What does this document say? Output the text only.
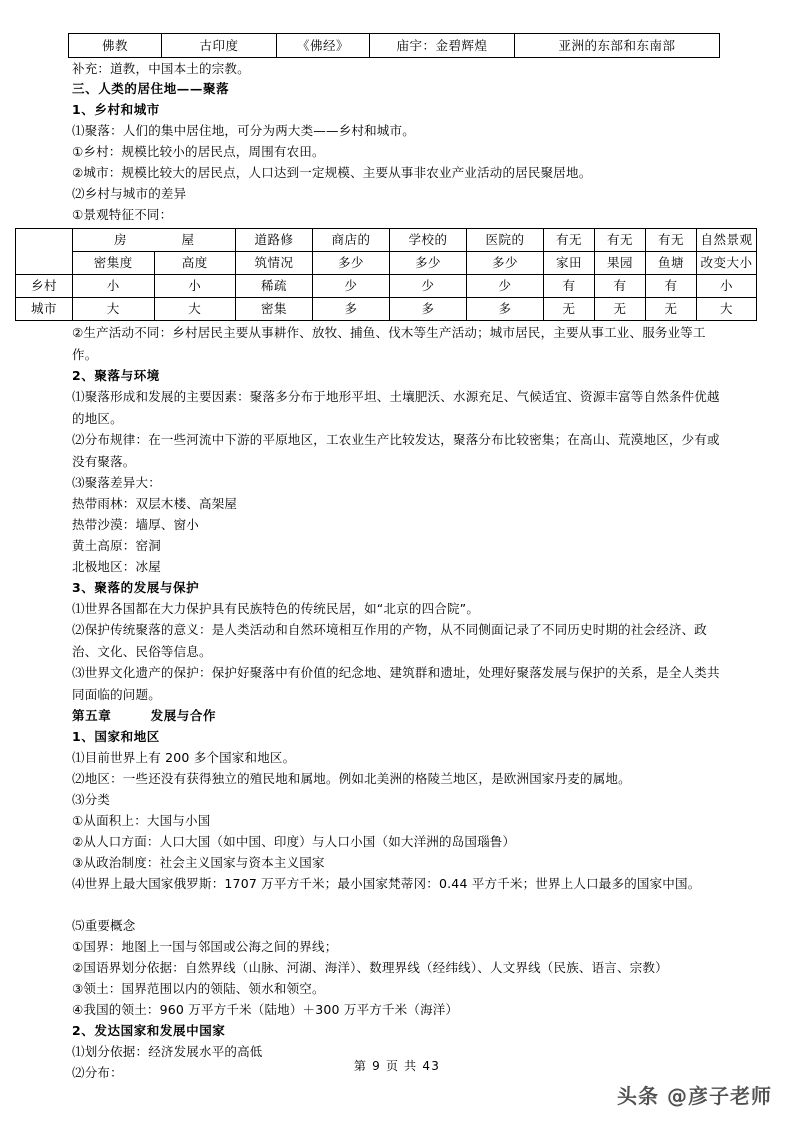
佛教	古印度	《佛经》	庙宇：金碧辉煌	亚洲的东部和东南部

补充：道教，中国本土的宗教。

三、人类的居住地——聚落

1、乡村和城市

⑴聚落：人们的集中居住地，可分为两大类——乡村和城市。

①乡村：规模比较小的居民点，周围有农田。

②城市：规模比较大的居民点，人口达到一定规模、主要从事非农业产业活动的居民聚居地。

⑵乡村与城市的差异

①景观特征不同：

	房　　屋		道路修	商店的	学校的	医院的	有无	有无	有无	自然景观
	密集度	高度	筑情况	多少	多少	多少	家田	果园	鱼塘	改变大小
乡村	小	小	稀疏	少	少	少	有	有	有	小
城市	大	大	密集	多	多	多	无	无	无	大

②生产活动不同：乡村居民主要从事耕作、放牧、捕鱼、伐木等生产活动；城市居民，主要从事工业、服务业等工作。

2、聚落与环境

⑴聚落形成和发展的主要因素：聚落多分布于地形平坦、土壤肥沃、水源充足、气候适宜、资源丰富等自然条件优越的地区。

⑵分布规律：在一些河流中下游的平原地区，工农业生产比较发达，聚落分布比较密集；在高山、荒漠地区，少有或没有聚落。

⑶聚落差异大：

热带雨林：双层木楼、高架屋

热带沙漠：墙厚、窗小

黄土高原：窑洞

北极地区：冰屋

3、聚落的发展与保护

⑴世界各国都在大力保护具有民族特色的传统民居，如“北京的四合院”。

⑵保护传统聚落的意义：是人类活动和自然环境相互作用的产物，从不同侧面记录了不同历史时期的社会经济、政治、文化、民俗等信息。

⑶世界文化遗产的保护：保护好聚落中有价值的纪念地、建筑群和遗址，处理好聚落发展与保护的关系，是全人类共同面临的问题。

第五章　　　发展与合作

1、国家和地区

⑴目前世界上有 200 多个国家和地区。

⑵地区：一些还没有获得独立的殖民地和属地。例如北美洲的格陵兰地区，是欧洲国家丹麦的属地。

⑶分类

①从面积上：大国与小国

②从人口方面：人口大国（如中国、印度）与人口小国（如大洋洲的岛国瑙鲁）

③从政治制度：社会主义国家与资本主义国家

⑷世界上最大国家俄罗斯：1707 万平方千米；最小国家梵蒂冈：0.44 平方千米；世界上人口最多的国家中国。

⑸重要概念

①国界：地图上一国与邻国或公海之间的界线；

②国语界划分依据：自然界线（山脉、河湖、海洋）、数理界线（经纬线）、人文界线（民族、语言、宗教）

③领土：国界范围以内的领陆、领水和领空。

④我国的领土：960 万平方千米（陆地）＋300 万平方千米（海洋）

2、发达国家和发展中国家

⑴划分依据：经济发展水平的高低

⑵分布：	第 9 页 共 43
头条 @彦子老师
